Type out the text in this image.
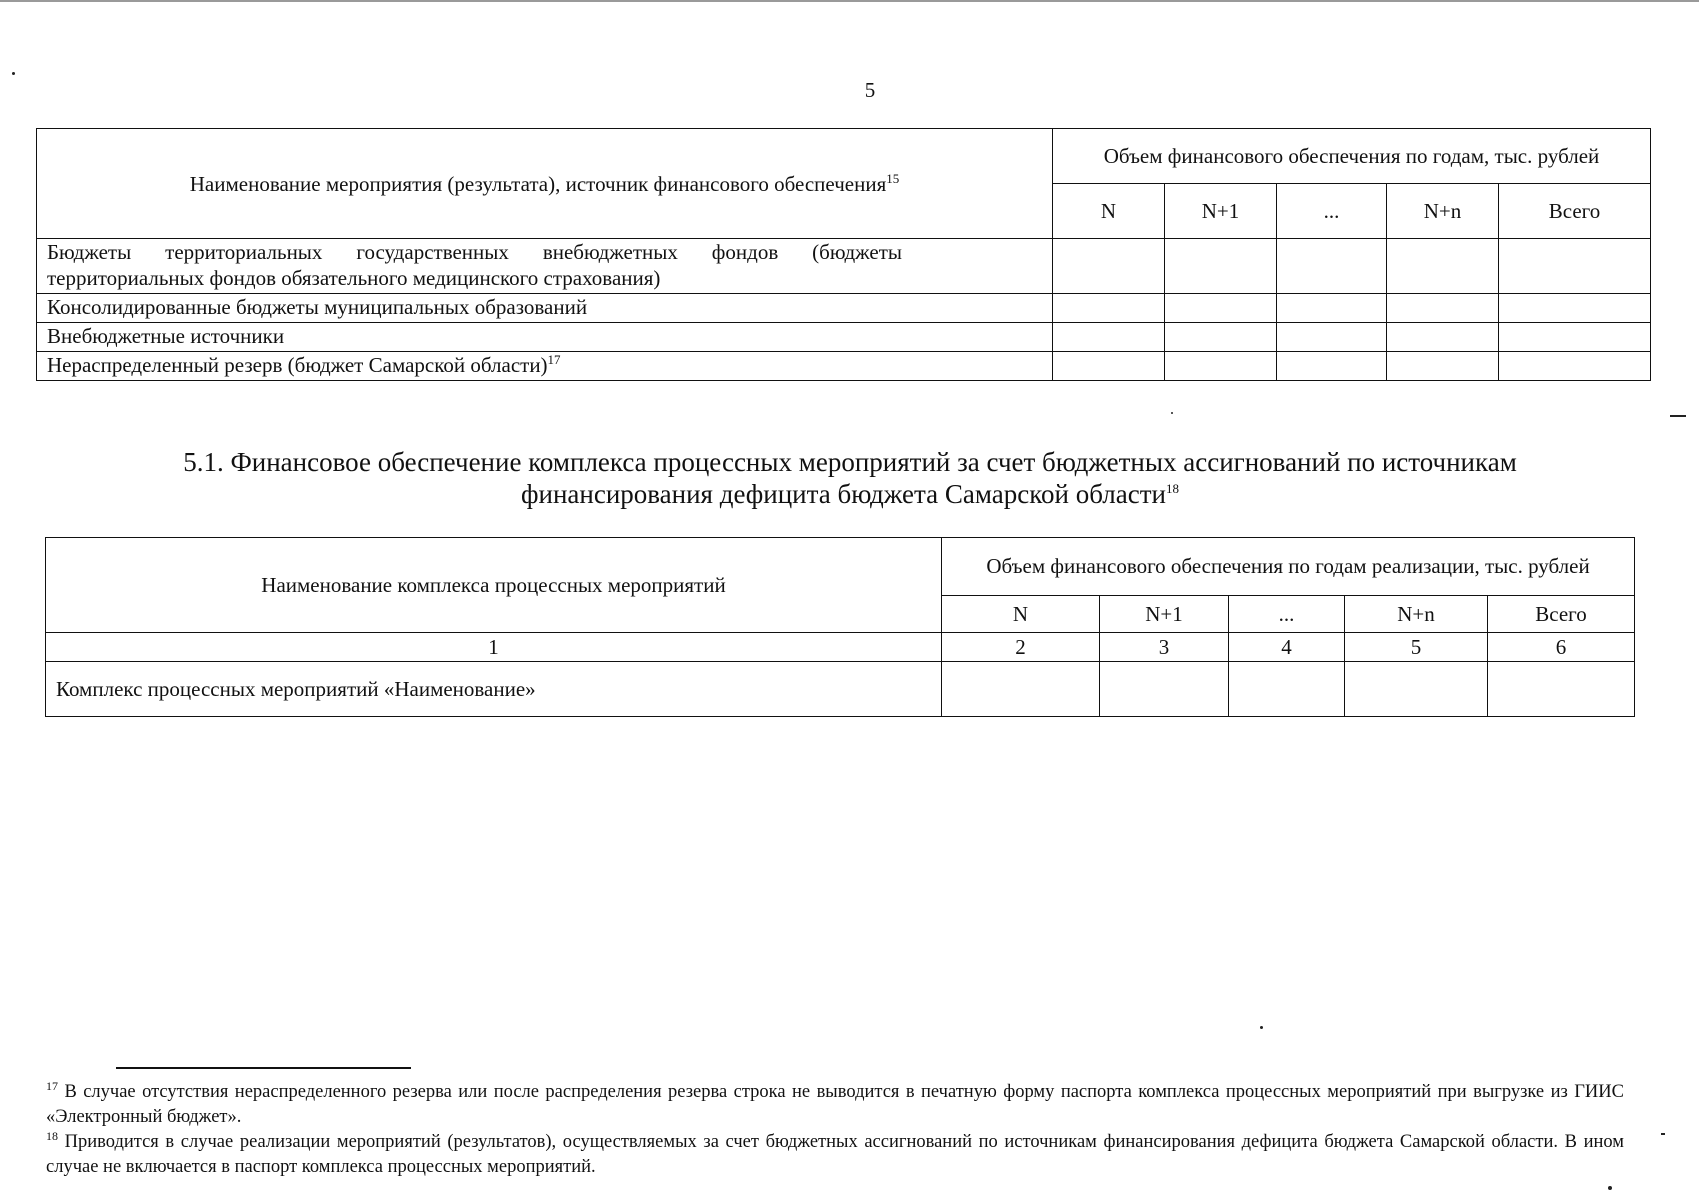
5
Наименование мероприятия (результата), источник финансового обеспечения$^{15}$	Объем финансового обеспечения по годам, тыс. рублей				
	N	N+1	...	N+n	Всего
Бюджеты территориальных государственных внебюджетных фондов (бюджеты территориальных фондов обязательного медицинского страхования)					
Консолидированные бюджеты муниципальных образований					
Внебюджетные источники					
Нераспределенный резерв (бюджет Самарской области)$^{17}$					
5.1. Финансовое обеспечение комплекса процессных мероприятий за счет бюджетных ассигнований по источникам финансирования дефицита бюджета Самарской области$^{18}$
Наименование комплекса процессных мероприятий	Объем финансового обеспечения по годам реализации, тыс. рублей				
	N	N+1	...	N+n	Всего
1	2	3	4	5	6
Комплекс процессных мероприятий «Наименование»					

$^{17}$ В случае отсутствия нераспределенного резерва или после распределения резерва строка не выводится в печатную форму паспорта комплекса процессных мероприятий при выгрузке из ГИИС «Электронный бюджет».

$^{18}$ Приводится в случае реализации мероприятий (результатов), осуществляемых за счет бюджетных ассигнований по источникам финансирования дефицита бюджета Самарской области. В ином случае не включается в паспорт комплекса процессных мероприятий.
